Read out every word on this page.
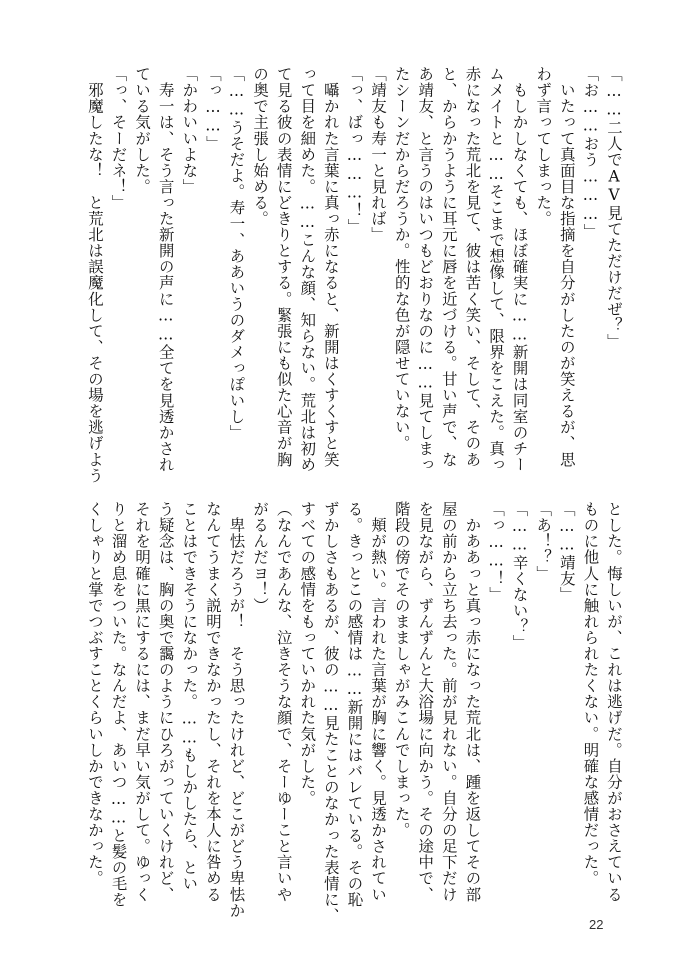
「……二人でAV見てただけだぜ？」
「お……おう………」
　いたって真面目な指摘を自分がしたのが笑えるが、思
わず言ってしまった。
　もしかしなくても、ほぼ確実に……新開は同室のチー
ムメイトと……そこまで想像して、限界をこえた。真っ
赤になった荒北を見て、彼は苦く笑い、そして、そのあ
と、からかうように耳元に唇を近づける。甘い声で、な
あ靖友、と言うのはいつもどおりなのに……見てしまっ
たシーンだからだろうか。性的な色が隠せていない。
「靖友も寿一と見れば」
「っ、ばっ………！」
　囁かれた言葉に真っ赤になると、新開はくすくすと笑
って目を細めた。……こんな顔、知らない。荒北は初め
て見る彼の表情にどきりとする。緊張にも似た心音が胸
の奥で主張し始める。
「……うそだよ。寿一、ああいうのダメっぽいし」
「っ……」
「かわいいよな」
　寿一は、そう言った新開の声に……全てを見透かされ
ている気がした。
「っ、そーだネ！」
　邪魔したな！　と荒北は誤魔化して、その場を逃げよう
とした。悔しいが、これは逃げだ。自分がおさえている
ものに他人に触れられたくない。明確な感情だった。
「……靖友」
「あ！？」
「……辛くない？」
「っ……！」
　かああっと真っ赤になった荒北は、踵を返してその部
屋の前から立ち去った。前が見れない。自分の足下だけ
を見ながら、ずんずんと大浴場に向かう。その途中で、
階段の傍でそのまましゃがみこんでしまった。
　頬が熱い。言われた言葉が胸に響く。見透かされてい
る。きっとこの感情は……新開にはバレている。その恥
ずかしさもあるが、彼の……見たことのなかった表情に、
すべての感情をもっていかれた気がした。
（なんであんな、泣きそうな顔で、そーゆーこと言いや
がるんだヨ！）
　卑怯だろうが！　そう思ったけれど、どこがどう卑怯か
なんてうまく説明できなかったし、それを本人に咎める
ことはできそうになかった。……もしかしたら、とい
う疑念は、胸の奥で靄のようにひろがっていくけれど、
それを明確に黒にするには、まだ早い気がして。ゆっく
りと溜め息をついた。なんだよ、あいつ……と髪の毛を
くしゃりと掌でつぶすことくらいしかできなかった。
22
